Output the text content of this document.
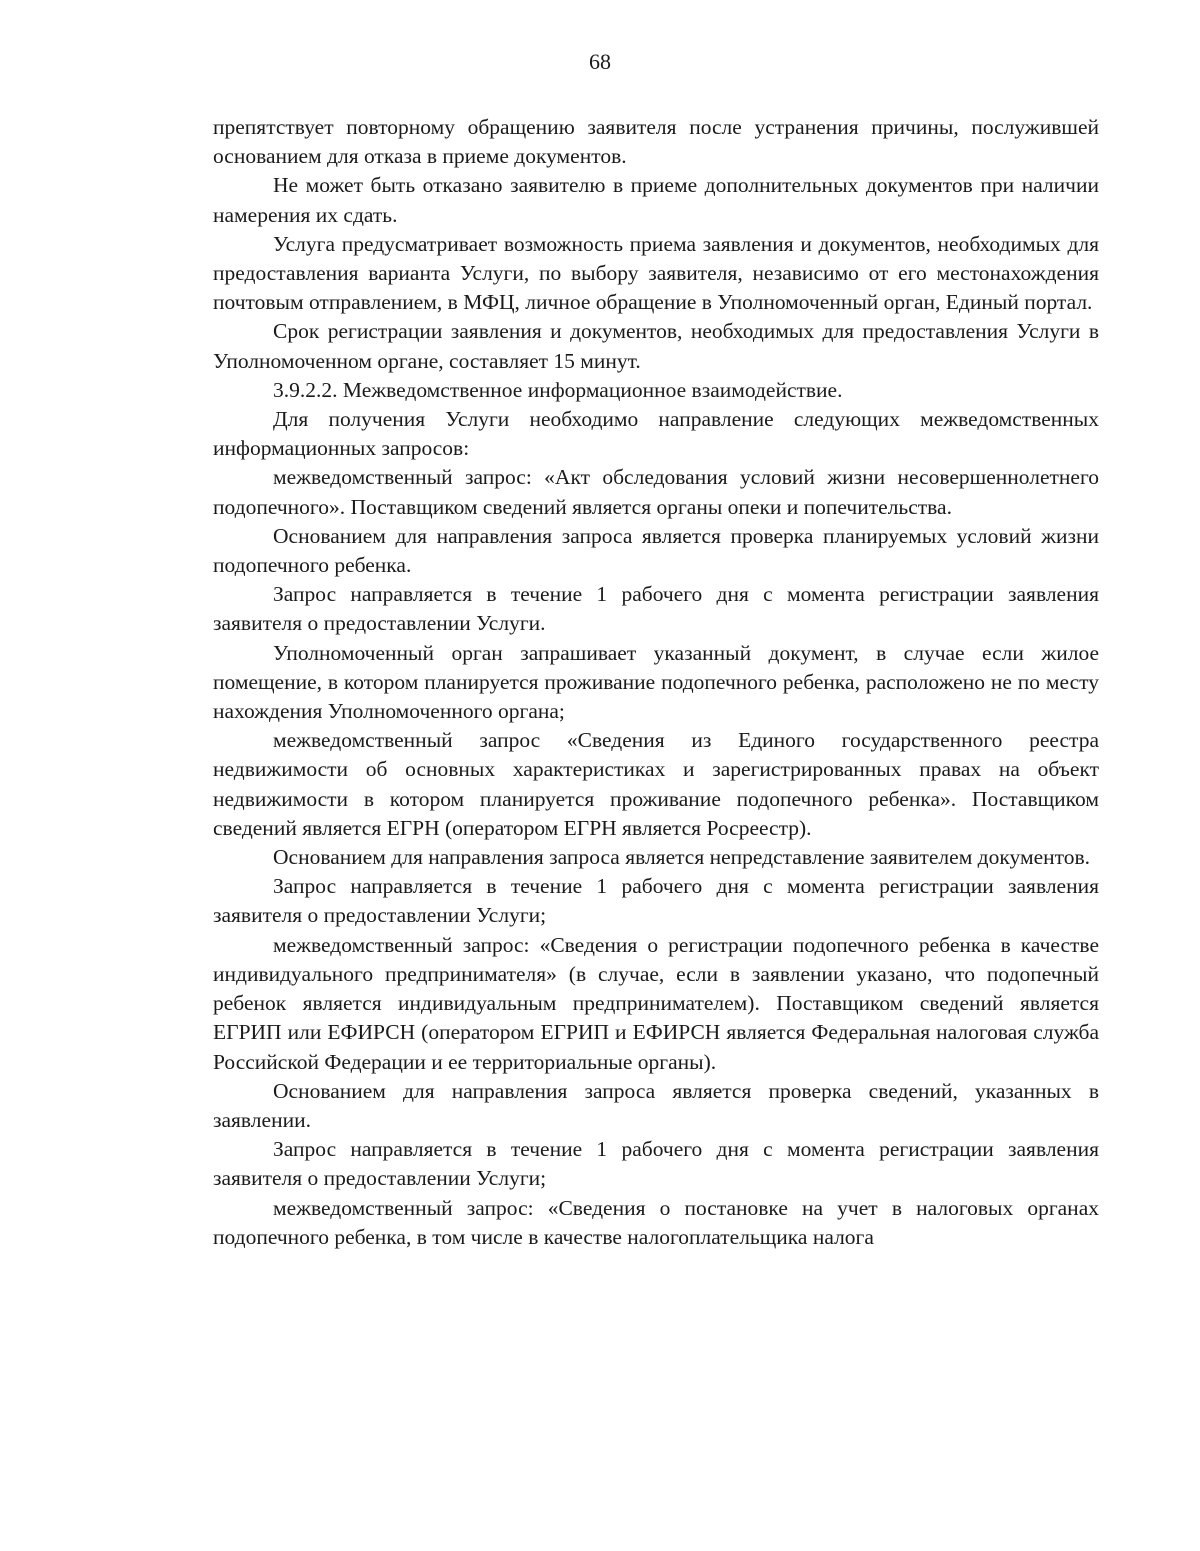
68

препятствует повторному обращению заявителя после устранения причины, послужившей основанием для отказа в приеме документов.

Не может быть отказано заявителю в приеме дополнительных документов при наличии намерения их сдать.

Услуга предусматривает возможность приема заявления и документов, необходимых для предоставления варианта Услуги, по выбору заявителя, независимо от его местонахождения почтовым отправлением, в МФЦ, личное обращение в Уполномоченный орган, Единый портал.

Срок регистрации заявления и документов, необходимых для предоставления Услуги в Уполномоченном органе, составляет 15 минут.

3.9.2.2. Межведомственное информационное взаимодействие.

Для получения Услуги необходимо направление следующих межведомственных информационных запросов:

межведомственный запрос: «Акт обследования условий жизни несовершеннолетнего подопечного». Поставщиком сведений является органы опеки и попечительства.

Основанием для направления запроса является проверка планируемых условий жизни подопечного ребенка.

Запрос направляется в течение 1 рабочего дня с момента регистрации заявления заявителя о предоставлении Услуги.

Уполномоченный орган запрашивает указанный документ, в случае если жилое помещение, в котором планируется проживание подопечного ребенка, расположено не по месту нахождения Уполномоченного органа;

межведомственный запрос «Сведения из Единого государственного реестра недвижимости об основных характеристиках и зарегистрированных правах на объект недвижимости в котором планируется проживание подопечного ребенка». Поставщиком сведений является ЕГРН (оператором ЕГРН является Росреестр).

Основанием для направления запроса является непредставление заявителем документов.

Запрос направляется в течение 1 рабочего дня с момента регистрации заявления заявителя о предоставлении Услуги;

межведомственный запрос: «Сведения о регистрации подопечного ребенка в качестве индивидуального предпринимателя» (в случае, если в заявлении указано, что подопечный ребенок является индивидуальным предпринимателем). Поставщиком сведений является ЕГРИП или ЕФИРСН (оператором ЕГРИП и ЕФИРСН является Федеральная налоговая служба Российской Федерации и ее территориальные органы).

Основанием для направления запроса является проверка сведений, указанных в заявлении.

Запрос направляется в течение 1 рабочего дня с момента регистрации заявления заявителя о предоставлении Услуги;

межведомственный запрос: «Сведения о постановке на учет в налоговых органах подопечного ребенка, в том числе в качестве налогоплательщика налога
